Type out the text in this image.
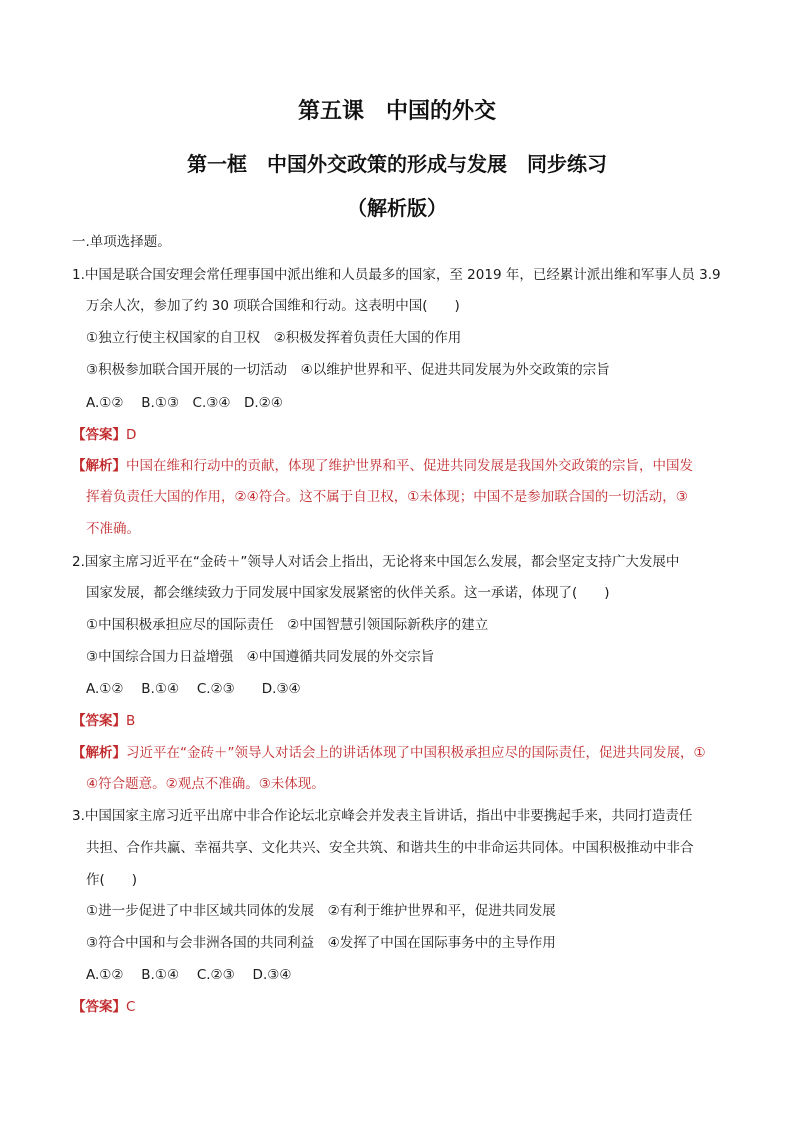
第五课　中国的外交
第一框　中国外交政策的形成与发展　同步练习
（解析版）
一.单项选择题。
1.中国是联合国安理会常任理事国中派出维和人员最多的国家，至 2019 年，已经累计派出维和军事人员 3.9
万余人次，参加了约 30 项联合国维和行动。这表明中国(　　)
①独立行使主权国家的自卫权　②积极发挥着负责任大国的作用
③积极参加联合国开展的一切活动　④以维护世界和平、促进共同发展为外交政策的宗旨
A.①②　 B.①③　C.③④　D.②④
【答案】D
【解析】中国在维和行动中的贡献，体现了维护世界和平、促进共同发展是我国外交政策的宗旨，中国发
挥着负责任大国的作用，②④符合。这不属于自卫权，①未体现；中国不是参加联合国的一切活动，③
不准确。
2.国家主席习近平在“金砖＋”领导人对话会上指出，无论将来中国怎么发展，都会坚定支持广大发展中
国家发展，都会继续致力于同发展中国家发展紧密的伙伴关系。这一承诺，体现了(　　)
①中国积极承担应尽的国际责任　②中国智慧引领国际新秩序的建立
③中国综合国力日益增强　④中国遵循共同发展的外交宗旨
A.①②　 B.①④　 C.②③　　D.③④
【答案】B
【解析】习近平在“金砖＋”领导人对话会上的讲话体现了中国积极承担应尽的国际责任，促进共同发展，①
④符合题意。②观点不准确。③未体现。
3.中国国家主席习近平出席中非合作论坛北京峰会并发表主旨讲话，指出中非要携起手来，共同打造责任
共担、合作共赢、幸福共享、文化共兴、安全共筑、和谐共生的中非命运共同体。中国积极推动中非合
作(　　)
①进一步促进了中非区域共同体的发展　②有利于维护世界和平，促进共同发展
③符合中国和与会非洲各国的共同利益　④发挥了中国在国际事务中的主导作用
A.①②　 B.①④　 C.②③　 D.③④
【答案】C
